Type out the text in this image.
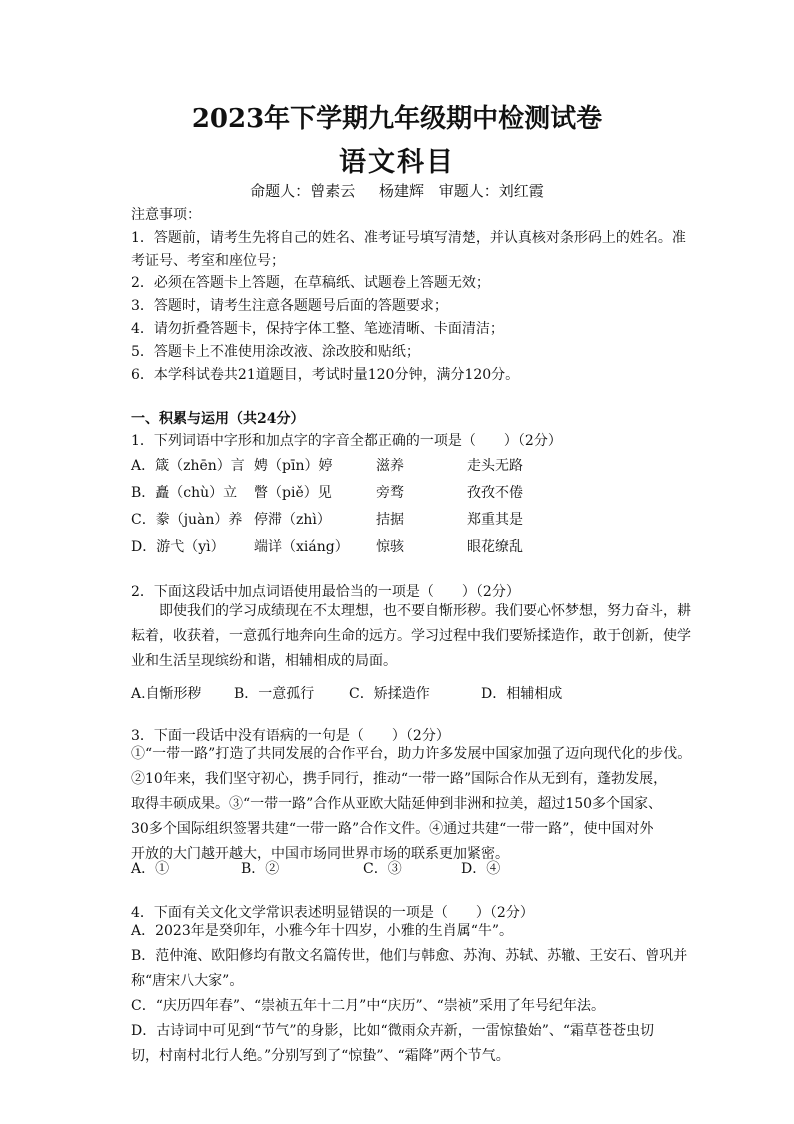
2023年下学期九年级期中检测试卷
语文科目
命题人：曾素云 杨建辉 审题人：刘红霞
注意事项：
1．答题前，请考生先将自己的姓名、准考证号填写清楚，并认真核对条形码上的姓名。准
考证号、考室和座位号；
2．必须在答题卡上答题，在草稿纸、试题卷上答题无效；
3．答题时，请考生注意各题题号后面的答题要求；
4．请勿折叠答题卡，保持字体工整、笔迹清晰、卡面清洁；
5．答题卡上不准使用涂改液、涂改胶和贴纸；
6．本学科试卷共21道题目，考试时量120分钟，满分120分。
一、积累与运用（共24分）
1．下列词语中字形和加点字的字音全都正确的一项是（　　）（2分）
A．箴（zhēn）言 娉（pīn）婷	滋养	走头无路
B．矗（chù）立 瞥（piě）见	旁骛	孜孜不倦
C．豢（juàn）养 停滞（zhì）	拮据	郑重其是
D．游弋（yì） 端详（xiáng） 惊骇	眼花缭乱
2．下面这段话中加点词语使用最恰当的一项是（　　）（2分）
　　即使我们的学习成绩现在不太理想，也不要自惭形秽。我们要心怀梦想，努力奋斗，耕
耘着，收获着，一意孤行地奔向生命的远方。学习过程中我们要矫揉造作，敢于创新，使学
业和生活呈现缤纷和谐，相辅相成的局面。
A.自惭形秽 B．一意孤行 C．矫揉造作	D．相辅相成
3．下面一段话中没有语病的一句是（　　）（2分）
①“一带一路”打造了共同发展的合作平台，助力许多发展中国家加强了迈向现代化的步伐。
②10年来，我们坚守初心，携手同行，推动“一带一路”国际合作从无到有，蓬勃发展，
取得丰硕成果。③“一带一路”合作从亚欧大陆延伸到非洲和拉美，超过150多个国家、
30多个国际组织签署共建“一带一路”合作文件。④通过共建“一带一路”，使中国对外
开放的大门越开越大，中国市场同世界市场的联系更加紧密。
A．①	B．②	C．③	D．④
4．下面有关文化文学常识表述明显错误的一项是（　　）（2分）
A．2023年是癸卯年，小雅今年十四岁，小雅的生肖属“牛”。
B．范仲淹、欧阳修均有散文名篇传世，他们与韩愈、苏洵、苏轼、苏辙、王安石、曾巩并
称“唐宋八大家”。
C．“庆历四年春”、“崇祯五年十二月”中“庆历”、“崇祯”采用了年号纪年法。
D．古诗词中可见到“节气”的身影，比如“微雨众卉新，一雷惊蛰始”、“霜草苍苍虫切
切，村南村北行人绝。”分别写到了“惊蛰”、“霜降”两个节气。
